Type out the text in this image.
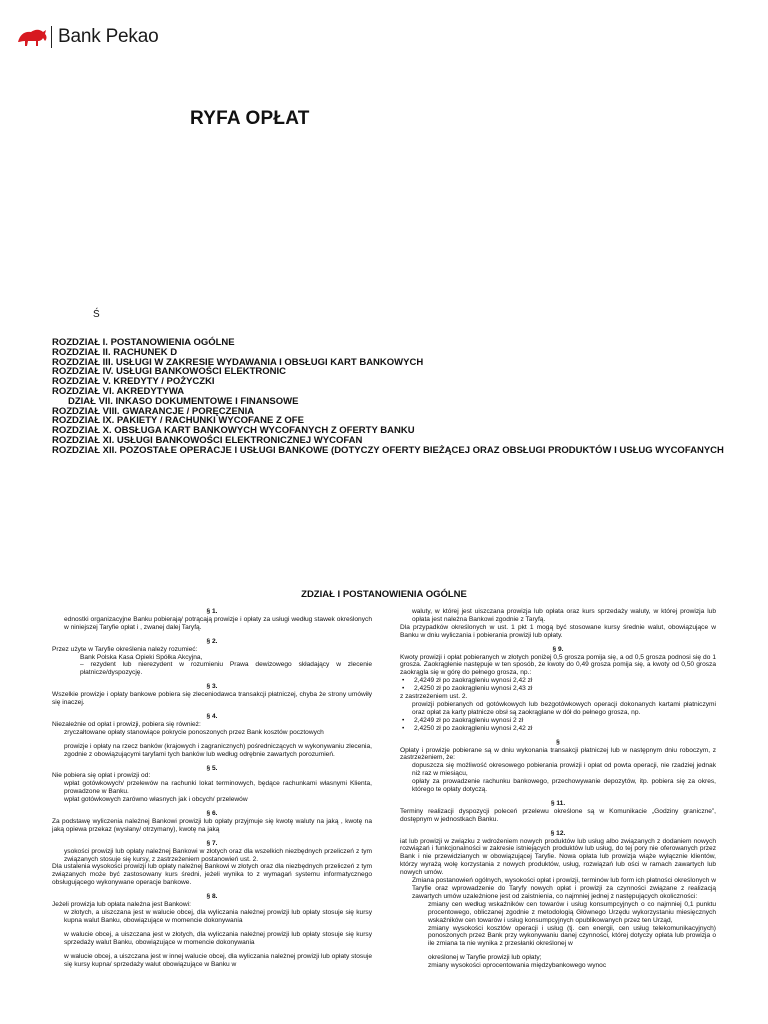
Bank Pekao
RYFA OPŁAT
Ś
ROZDZIAŁ I. POSTANOWIENIA OGÓLNE
ROZDZIAŁ II. RACHUNEK D
ROZDZIAŁ III. USŁUGI W ZAKRESIE WYDAWANIA I OBSŁUGI KART BANKOWYCH
ROZDZIAŁ IV. USŁUGI BANKOWOŚCI ELEKTRONIC
ROZDZIAŁ V. KREDYTY / POŻYCZKI
ROZDZIAŁ VI. AKREDYTYWA
DZIAŁ VII. INKASO DOKUMENTOWE I FINANSOWE
ROZDZIAŁ VIII. GWARANCJE / PORĘCZENIA
ROZDZIAŁ IX. PAKIETY / RACHUNKI WYCOFANE Z OFE
ROZDZIAŁ X. OBSŁUGA KART BANKOWYCH WYCOFANYCH Z OFERTY BANKU
ROZDZIAŁ XI. USŁUGI BANKOWOŚCI ELEKTRONICZNEJ WYCOFAN
ROZDZIAŁ XII. POZOSTAŁE OPERACJE I USŁUGI BANKOWE (DOTYCZY OFERTY BIEŻĄCEJ ORAZ OBSŁUGI PRODUKTÓW I USŁUG WYCOFANYCH
ZDZIAŁ I POSTANOWIENIA OGÓLNE

§ 1.

ednostki organizacyjne Banku pobierają/ potrącają prowizje i opłaty za usługi według stawek określonych w niniejszej Taryfie opłat i , zwanej dalej Taryfą.

§ 2.

Przez użyte w Taryfie określenia należy rozumieć:

Bank Polska Kasa Opieki Spółka Akcyjna,

– rezydent lub nierezydent w rozumieniu Prawa dewizowego składający w zlecenie płatnicze/dyspozycję.

§ 3.

Wszelkie prowizje i opłaty bankowe pobiera się zleceniodawca transakcji płatniczej, chyba że strony umówiły się inaczej.

§ 4.

Niezależnie od opłat i prowizji, pobiera się również:

zryczałtowane opłaty stanowiące pokrycie ponoszonych przez Bank kosztów pocztowych

prowizje i opłaty na rzecz banków (krajowych i zagranicznych) pośredniczących w wykonywaniu zlecenia, zgodnie z obowiązującymi taryfami tych banków lub według odrębnie zawartych porozumień.

§ 5.

Nie pobiera się opłat i prowizji od:

wpłat gotówkowych/ przelewów na rachunki lokat terminowych, będące rachunkami własnymi Klienta, prowadzone w Banku.

wpłat gotówkowych zarówno własnych jak i obcych/ przelewów

§ 6.

Za podstawę wyliczenia należnej Bankowi prowizji lub opłaty przyjmuje się kwotę waluty na jaką , kwotę na jaką opiewa przekaz (wysłany/ otrzymany), kwotę na jaką

§ 7.

ysokości prowizji lub opłaty należnej Bankowi w złotych oraz dla wszelkich niezbędnych przeliczeń z tym związanych stosuje się kursy, z zastrzeżeniem postanowień ust. 2.

Dla ustalenia wysokości prowizji lub opłaty należnej Bankowi w złotych oraz dla niezbędnych przeliczeń z tym związanych może być zastosowany kurs średni, jeżeli wynika to z wymagań systemu informatycznego obsługującego wykonywane operacje bankowe.

§ 8.

Jeżeli prowizja lub opłata należna jest Bankowi:

w złotych, a uiszczana jest w walucie obcej, dla wyliczania należnej prowizji lub opłaty stosuje się kursy kupna walut Banku, obowiązujące w momencie dokonywania

w walucie obcej, a uiszczana jest w złotych, dla wyliczania należnej prowizji lub opłaty stosuje się kursy sprzedaży walut Banku, obowiązujące w momencie dokonywania

w walucie obcej, a uiszczana jest w innej walucie obcej, dla wyliczania należnej prowizji lub opłaty stosuje się kursy kupna/ sprzedaży walut obowiązujące w Banku w

waluty, w której jest uiszczana prowizja lub opłata oraz kurs sprzedaży waluty, w której prowizja lub opłata jest należna Bankowi zgodnie z Taryfą.

Dla przypadków określonych w ust. 1 pkt 1 mogą być stosowane kursy średnie walut, obowiązujące w Banku w dniu wyliczania i pobierania prowizji lub opłaty.

§ 9.

Kwoty prowizji i opłat pobieranych w złotych poniżej 0,5 grosza pomija się, a od 0,5 grosza podnosi się do 1 grosza. Zaokrąglenie następuje w ten sposób, że kwoty do 0,49 grosza pomija się, a kwoty od 0,50 grosza zaokrągla się w górę do pełnego grosza, np.:

• 2,4249 zł po zaokrągleniu wynosi 2,42 zł

• 2,4250 zł po zaokrągleniu wynosi 2,43 zł

z zastrzeżeniem ust. 2.

prowizji pobieranych od gotówkowych lub bezgotówkowych operacji dokonanych kartami płatniczymi oraz opłat za karty płatnicze obsł są zaokrąglane w dół do pełnego grosza, np.

• 2,4249 zł po zaokrągleniu wynosi 2 zł

• 2,4250 zł po zaokrągleniu wynosi 2,42 zł

§

Opłaty i prowizje pobierane są w dniu wykonania transakcji płatniczej lub w następnym dniu roboczym, z zastrzeżeniem, że:

dopuszcza się możliwość okresowego pobierania prowizji i opłat od powta operacji, nie rzadziej jednak niż raz w miesiącu,

opłaty za prowadzenie rachunku bankowego, przechowywanie depozytów, itp. pobiera się za okres, którego te opłaty dotyczą.

§ 11.

Terminy realizacji dyspozycji poleceń przelewu określone są w Komunikacie „Godziny graniczne”, dostępnym w jednostkach Banku.

§ 12.

iat lub prowizji w związku z wdrożeniem nowych produktów lub usług albo związanych z dodaniem nowych rozwiązań i funkcjonalności w zakresie istniejących produktów lub usług, do tej pory nie oferowanych przez Bank i nie przewidzianych w obowiązującej Taryfie. Nowa opłata lub prowizja wiąże wyłącznie klientów, którzy wyrażą wolę korzystania z nowych produktów, usług, rozwiązań lub ości w ramach zawartych lub nowych umów.

Zmiana postanowień ogólnych, wysokości opłat i prowizji, terminów lub form ich płatności określonych w Taryfie oraz wprowadzenie do Taryfy nowych opłat i prowizji za czynności związane z realizacją zawartych umów uzależnione jest od zaistnienia, co najmniej jednej z następujących okoliczności:

zmiany cen według wskaźników cen towarów i usług konsumpcyjnych o co najmniej 0,1 punktu procentowego, obliczanej zgodnie z metodologią Głównego Urzędu wykorzystaniu miesięcznych wskaźników cen towarów i usług konsumpcyjnych opublikowanych przez ten Urząd,

zmiany wysokości kosztów operacji i usług (tj. cen energii, cen usług telekomunikacyjnych) ponoszonych przez Bank przy wykonywaniu danej czynności, której dotyczy opłata lub prowizja o ile zmiana ta nie wynika z przesłanki określonej w

określonej w Taryfie prowizji lub opłaty;

zmiany wysokości oprocentowania międzybankowego wynoc
